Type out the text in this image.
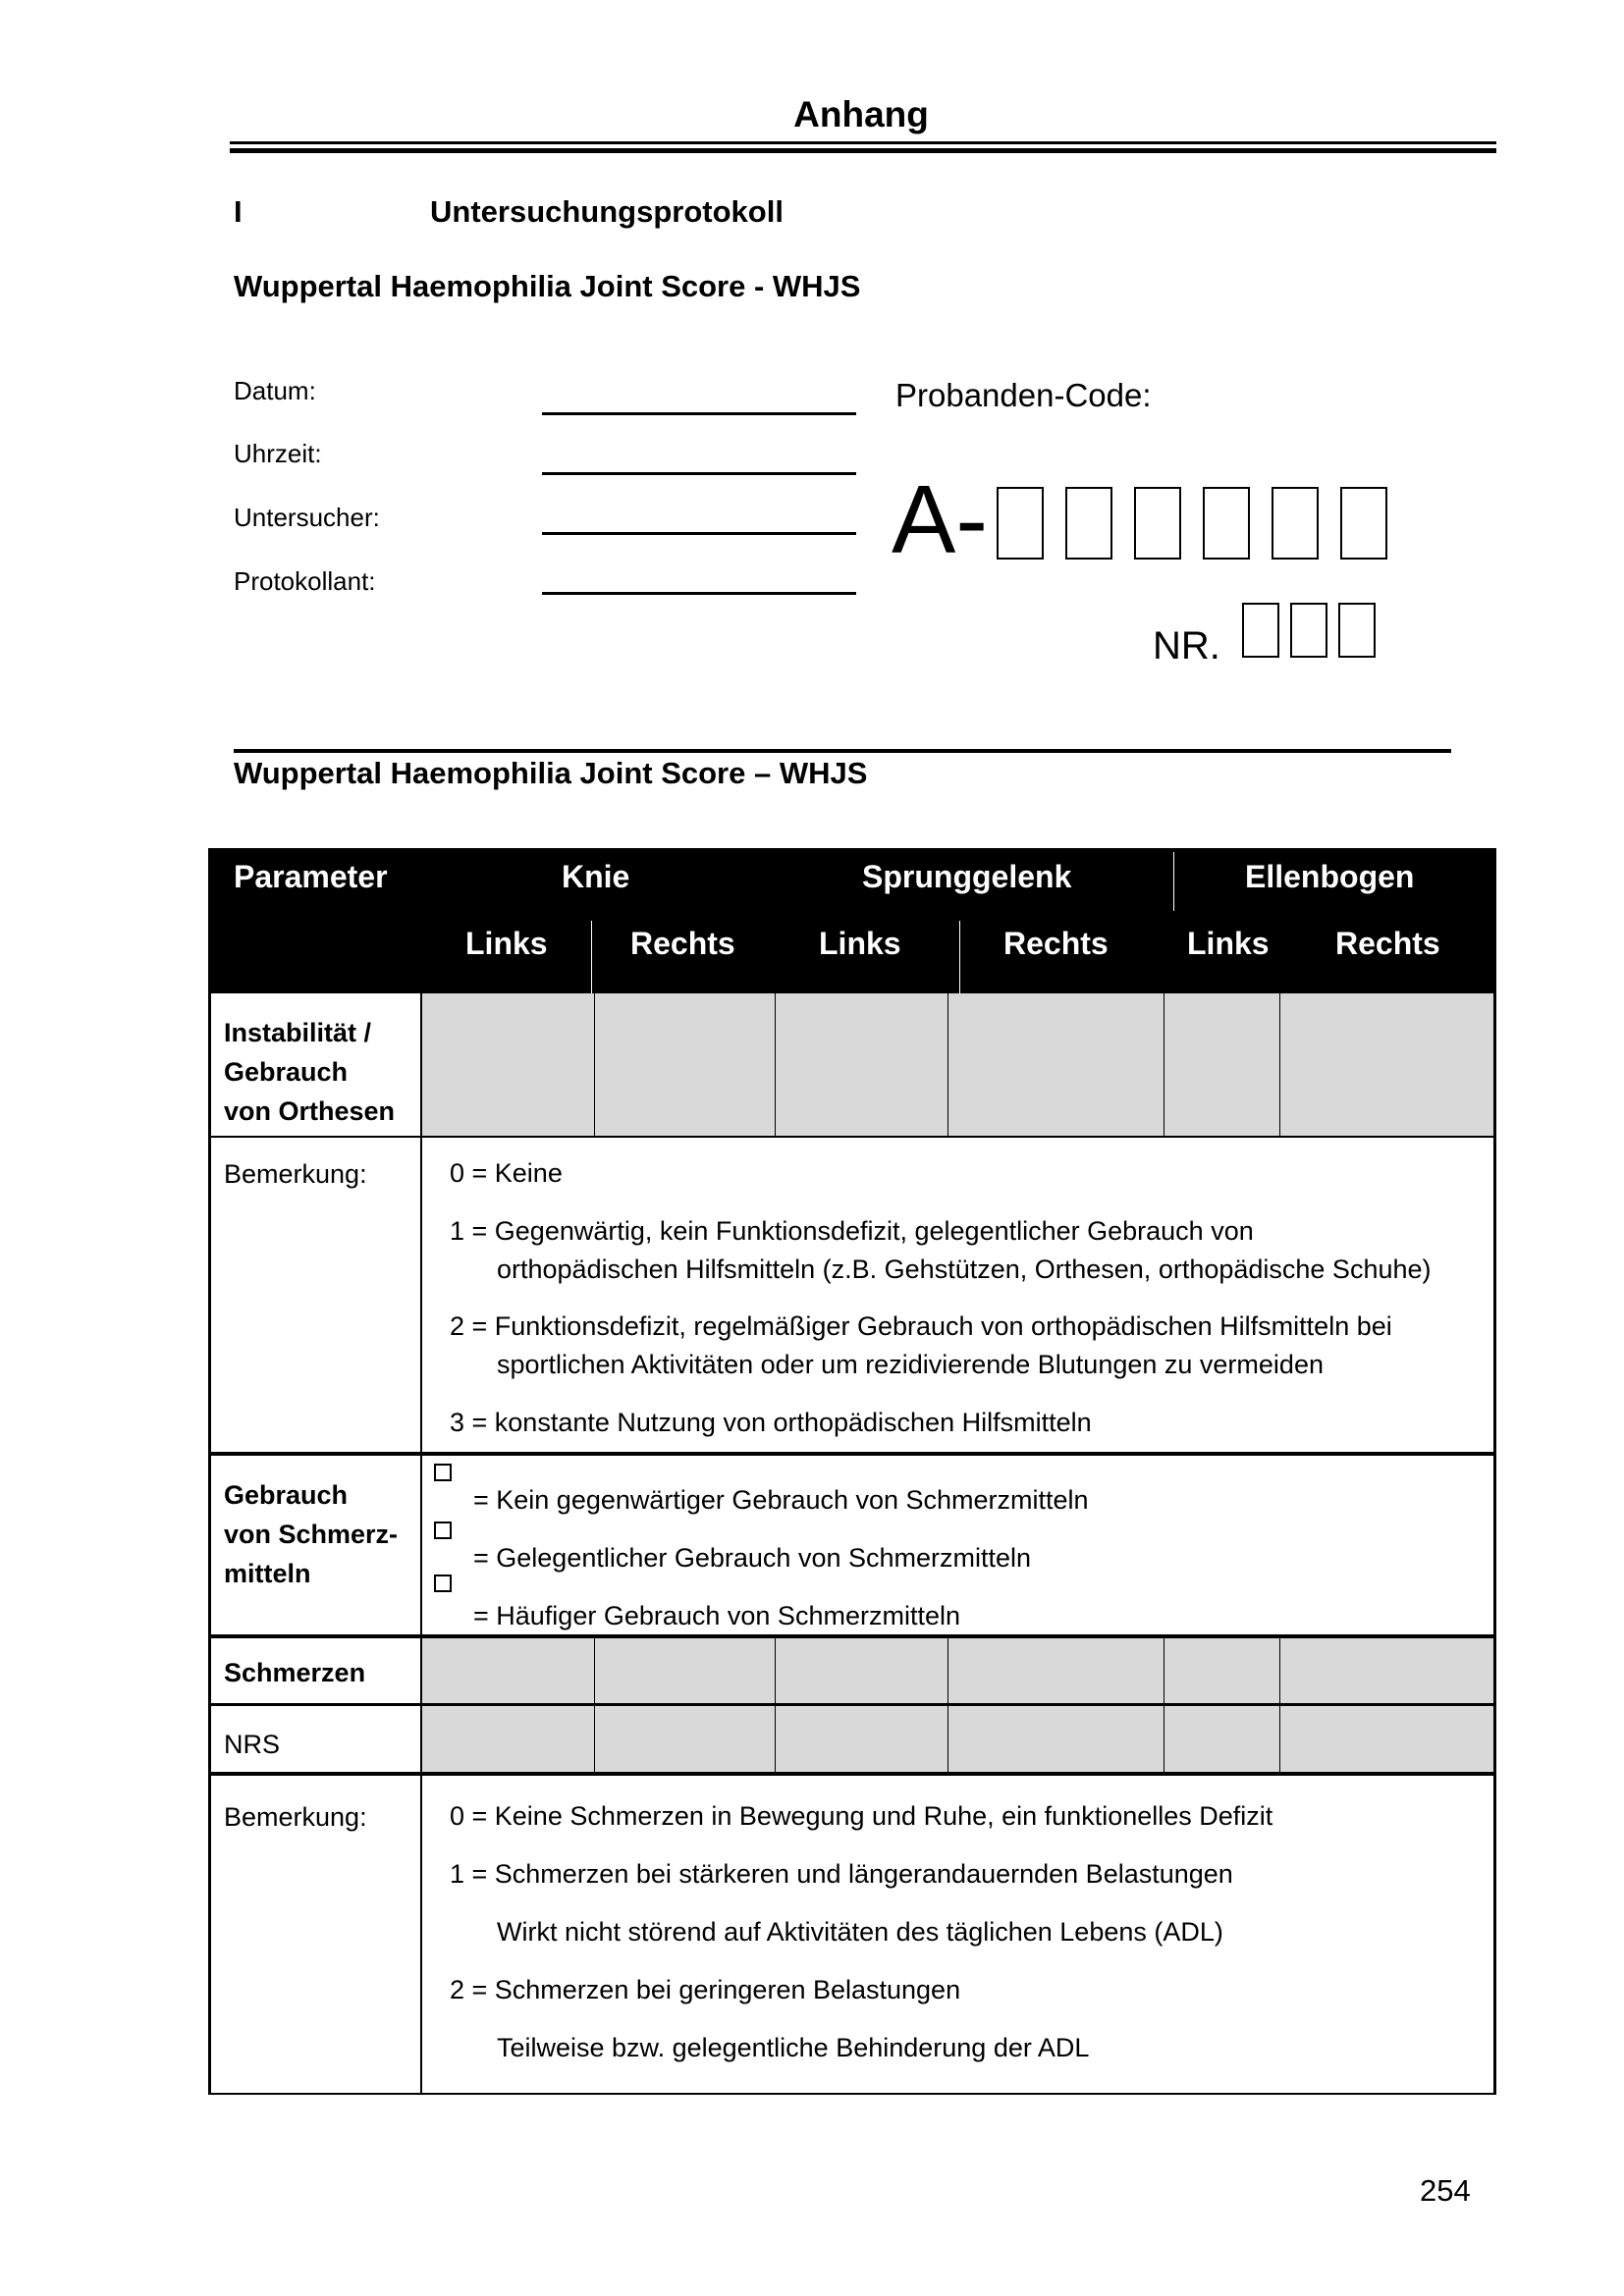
Anhang
I	Untersuchungsprotokoll
Wuppertal Haemophilia Joint Score - WHJS
Datum:
Uhrzeit:
Untersucher:
Protokollant:
Probanden-Code:
A-
NR.
Wuppertal Haemophilia Joint Score – WHJS
Parameter	Knie	Sprunggelenk	Ellenbogen
Links	Rechts	Links	Rechts	Links Rechts
Instabilität /
Gebrauch
von Orthesen
Bemerkung:	0 = Keine
1 = Gegenwärtig, kein Funktionsdefizit, gelegentlicher Gebrauch von
orthopädischen Hilfsmitteln (z.B. Gehstützen, Orthesen, orthopädische Schuhe)
2 = Funktionsdefizit, regelmäßiger Gebrauch von orthopädischen Hilfsmitteln bei
sportlichen Aktivitäten oder um rezidivierende Blutungen zu vermeiden
3 = konstante Nutzung von orthopädischen Hilfsmitteln
Gebrauch
von Schmerz-
mitteln
= Kein gegenwärtiger Gebrauch von Schmerzmitteln
= Gelegentlicher Gebrauch von Schmerzmitteln
= Häufiger Gebrauch von Schmerzmitteln
Schmerzen
NRS
Bemerkung:	0 = Keine Schmerzen in Bewegung und Ruhe, ein funktionelles Defizit
1 = Schmerzen bei stärkeren und längerandauernden Belastungen
Wirkt nicht störend auf Aktivitäten des täglichen Lebens (ADL)
2 = Schmerzen bei geringeren Belastungen
Teilweise bzw. gelegentliche Behinderung der ADL
254
